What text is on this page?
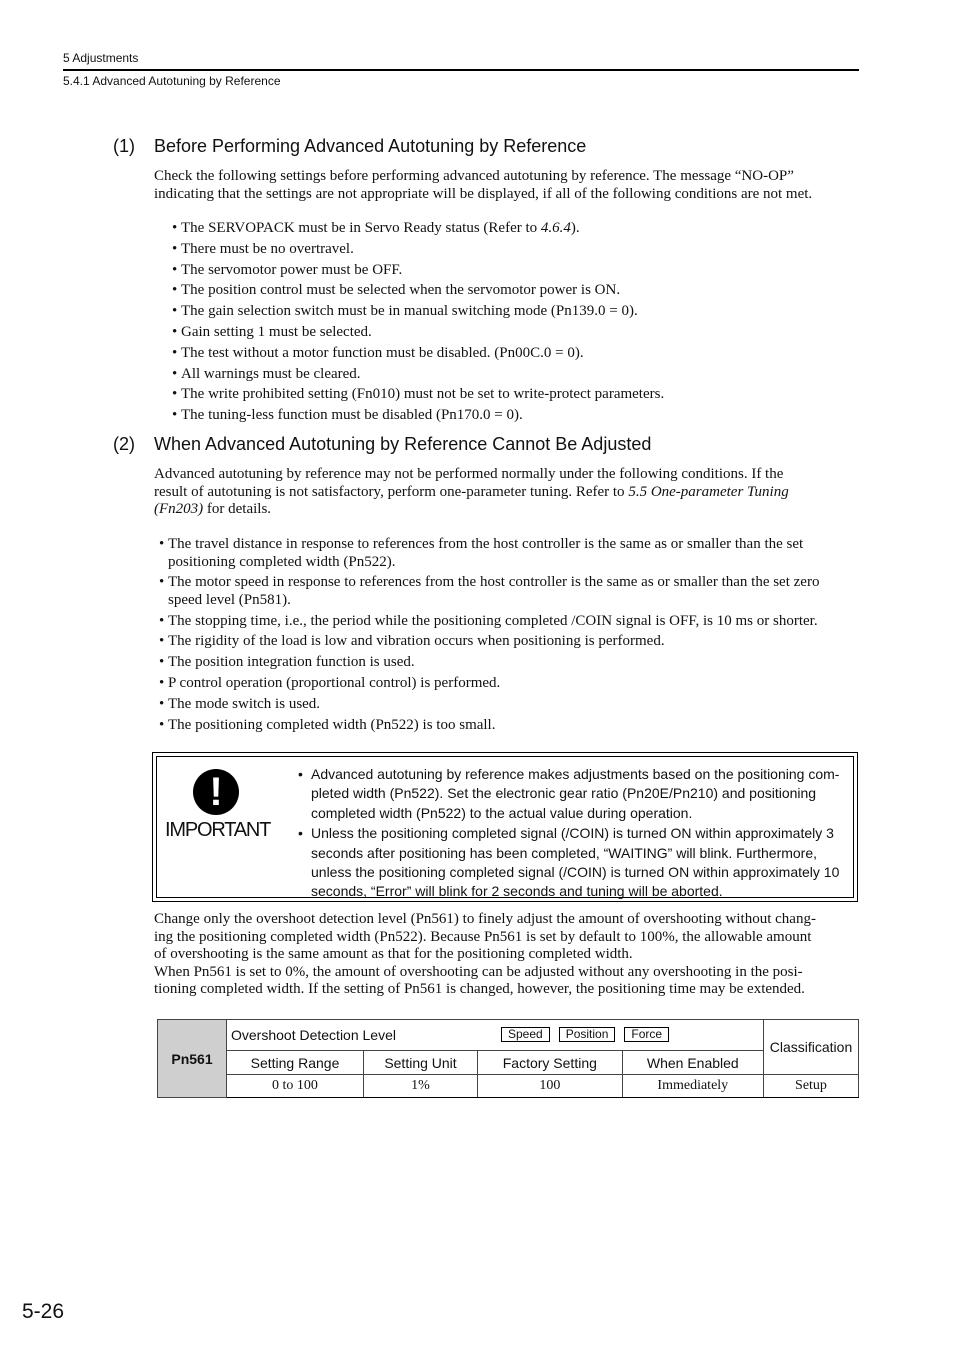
5 Adjustments
5.4.1 Advanced Autotuning by Reference
(1) Before Performing Advanced Autotuning by Reference
Check the following settings before performing advanced autotuning by reference. The message “NO-OP”
indicating that the settings are not appropriate will be displayed, if all of the following conditions are not met.
• The SERVOPACK must be in Servo Ready status (Refer to 4.6.4).
• There must be no overtravel.
• The servomotor power must be OFF.
• The position control must be selected when the servomotor power is ON.
• The gain selection switch must be in manual switching mode (Pn139.0 = 0).
• Gain setting 1 must be selected.
• The test without a motor function must be disabled. (Pn00C.0 = 0).
• All warnings must be cleared.
• The write prohibited setting (Fn010) must not be set to write-protect parameters.
• The tuning-less function must be disabled (Pn170.0 = 0).
(2) When Advanced Autotuning by Reference Cannot Be Adjusted
Advanced autotuning by reference may not be performed normally under the following conditions. If the
result of autotuning is not satisfactory, perform one-parameter tuning. Refer to 5.5 One-parameter Tuning
(Fn203) for details.
• The travel distance in response to references from the host controller is the same as or smaller than the set
positioning completed width (Pn522).
• The motor speed in response to references from the host controller is the same as or smaller than the set zero
speed level (Pn581).
• The stopping time, i.e., the period while the positioning completed /COIN signal is OFF, is 10 ms or shorter.
• The rigidity of the load is low and vibration occurs when positioning is performed.
• The position integration function is used.
• P control operation (proportional control) is performed.
• The mode switch is used.
• The positioning completed width (Pn522) is too small.
!
IMPORTANT
• Advanced autotuning by reference makes adjustments based on the positioning com-
pleted width (Pn522). Set the electronic gear ratio (Pn20E/Pn210) and positioning
completed width (Pn522) to the actual value during operation.
• Unless the positioning completed signal (/COIN) is turned ON within approximately 3
seconds after positioning has been completed, “WAITING” will blink. Furthermore,
unless the positioning completed signal (/COIN) is turned ON within approximately 10
seconds, “Error” will blink for 2 seconds and tuning will be aborted.
Change only the overshoot detection level (Pn561) to finely adjust the amount of overshooting without chang-
ing the positioning completed width (Pn522). Because Pn561 is set by default to 100%, the allowable amount
of overshooting is the same amount as that for the positioning completed width.
When Pn561 is set to 0%, the amount of overshooting can be adjusted without any overshooting in the posi-
tioning completed width. If the setting of Pn561 is changed, however, the positioning time may be extended.
Pn561	Overshoot Detection Level Speed Position Force				Classification
	Setting Range	Setting Unit	Factory Setting	When Enabled	
	0 to 100	1%	100	Immediately	Setup
5-26
